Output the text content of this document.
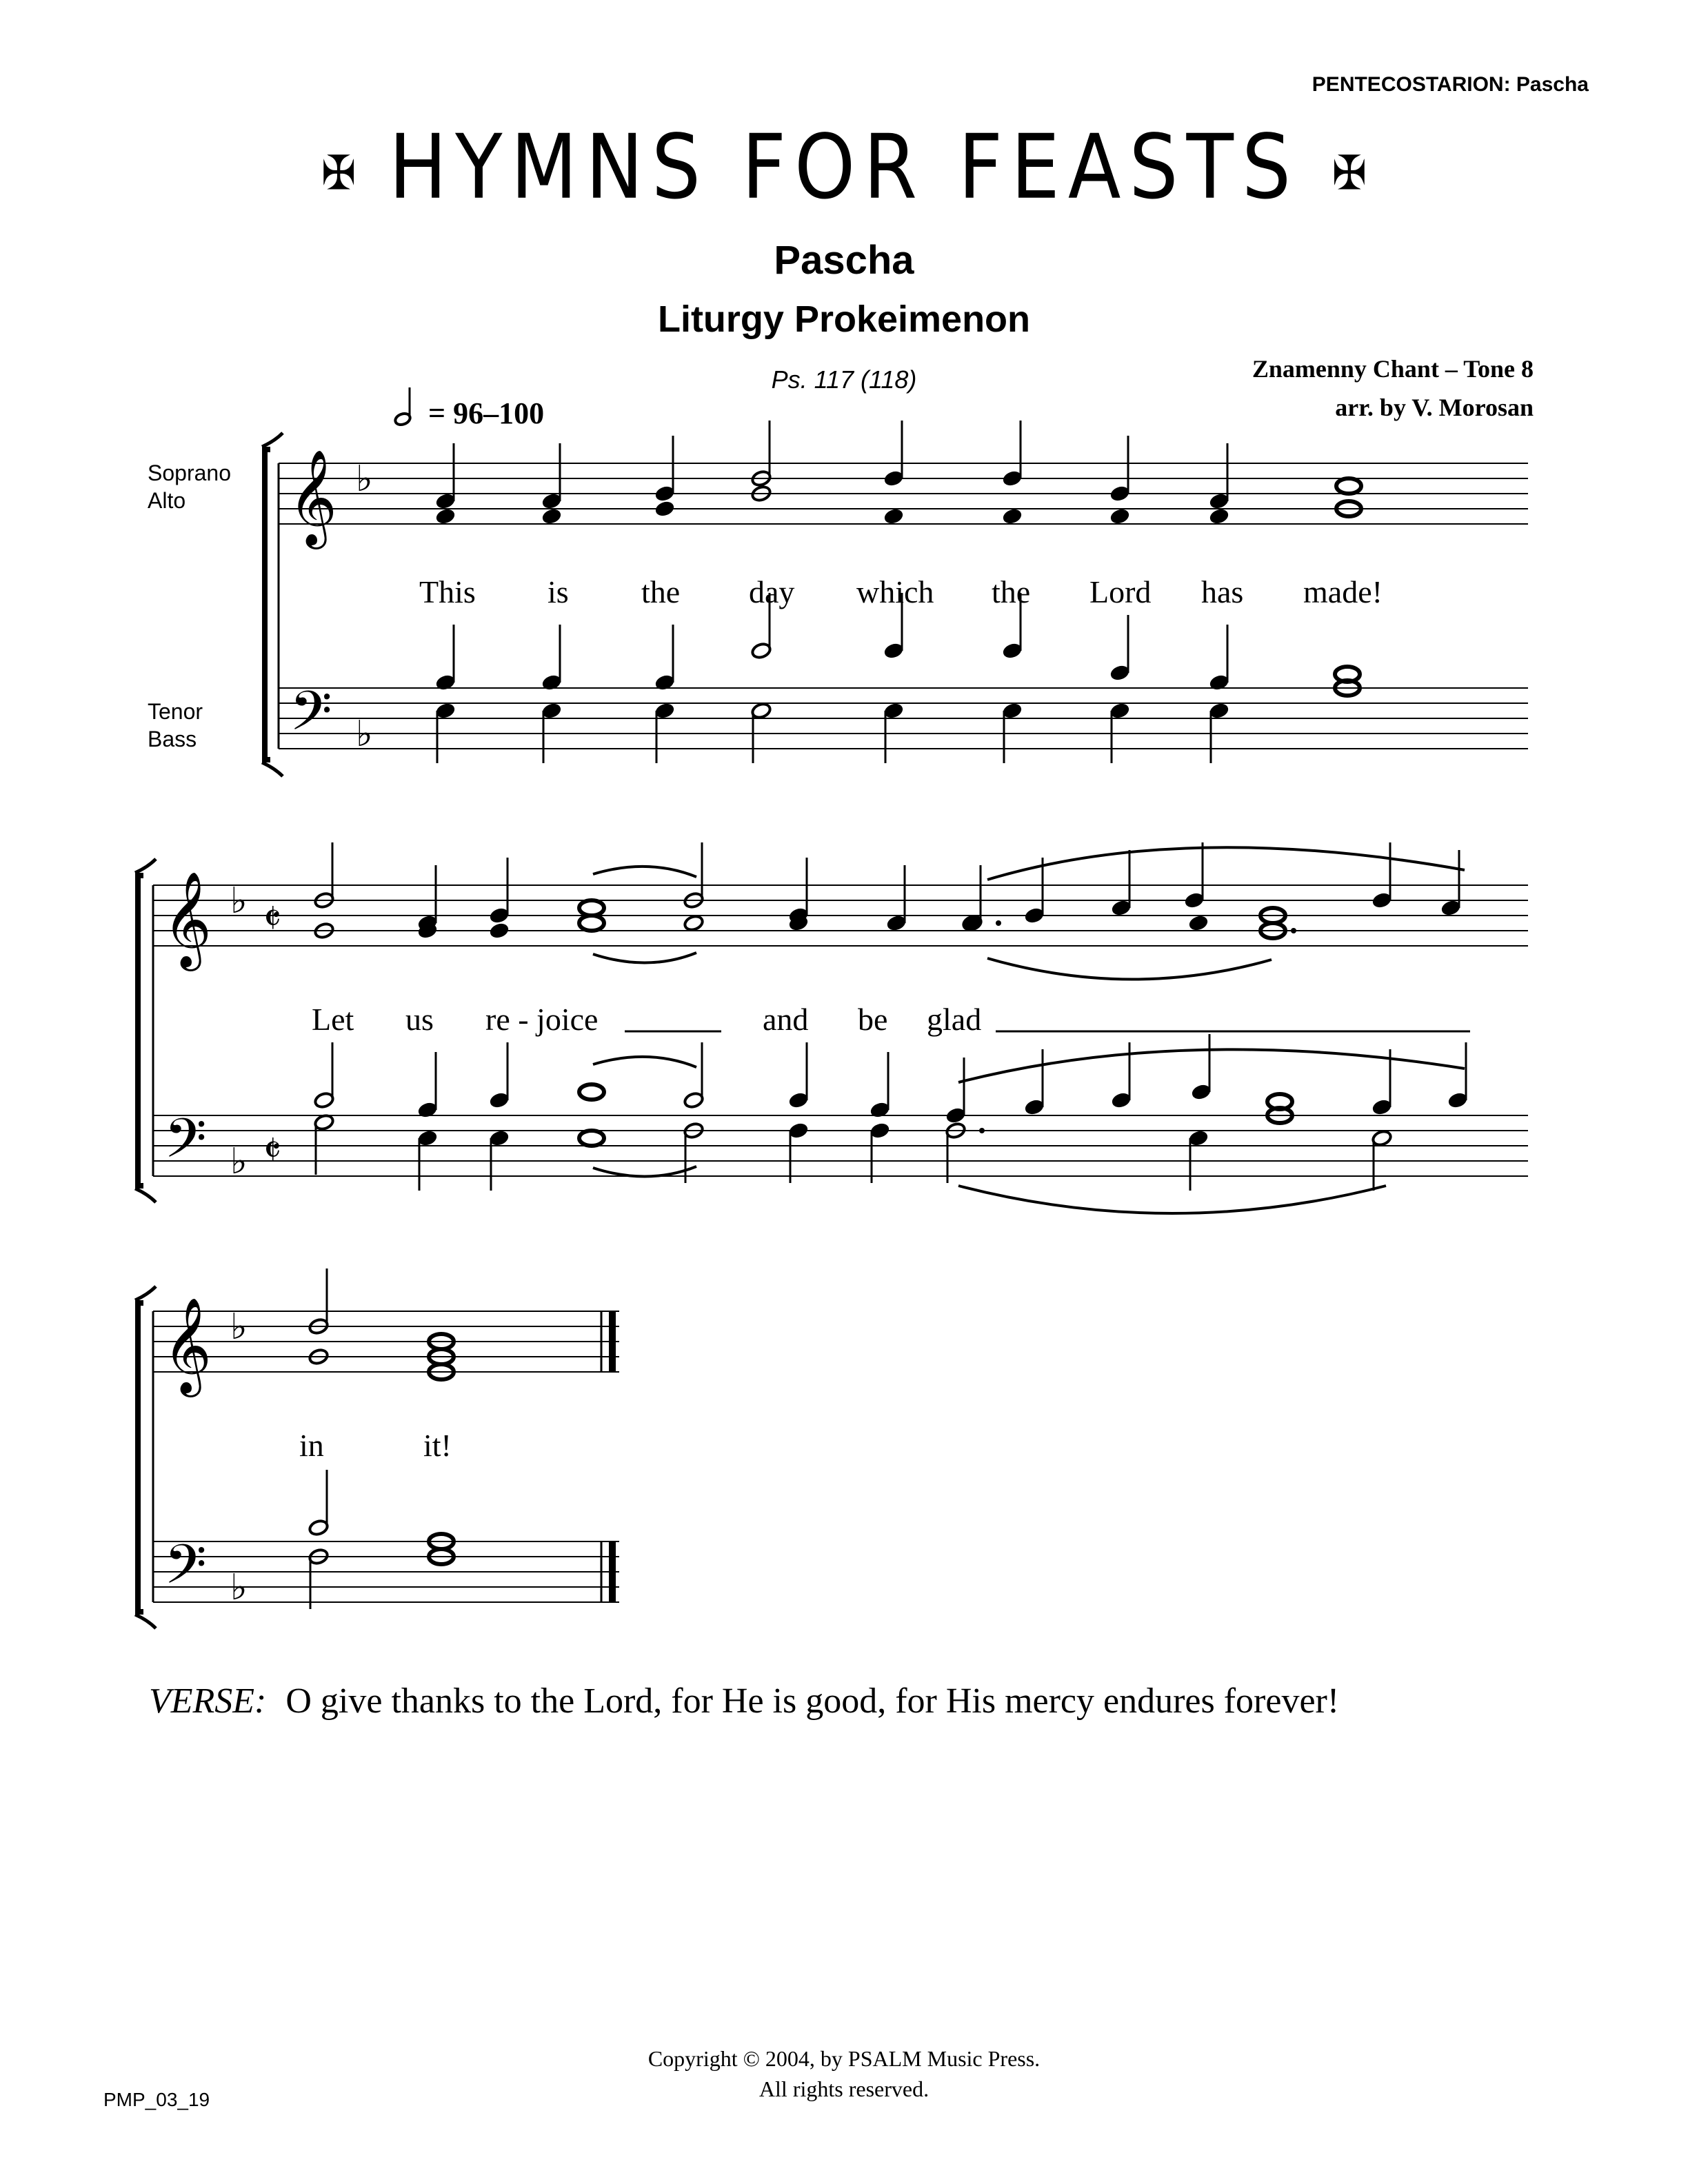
PENTECOSTARION: Pascha
✠ HYMNS FOR FEASTS ✠
Pascha
Liturgy Prokeimenon
Ps. 117 (118)	Znamenny Chant – Tone 8
arr. by V. Morosan
= 96–100
Soprano
Alto
Tenor
Bass
This is the day which the Lord has made!
Let us re - joice	and be glad
in	it!
VERSE: O give thanks to the Lord, for He is good, for His mercy endures forever!
Copyright © 2004, by PSALM Music Press.
All rights reserved.
PMP_03_19
𝄞
𝄢
♭
♭
𝄞
𝄢
♭
♭
𝄵
𝄵
𝄞
𝄢
♭
♭
